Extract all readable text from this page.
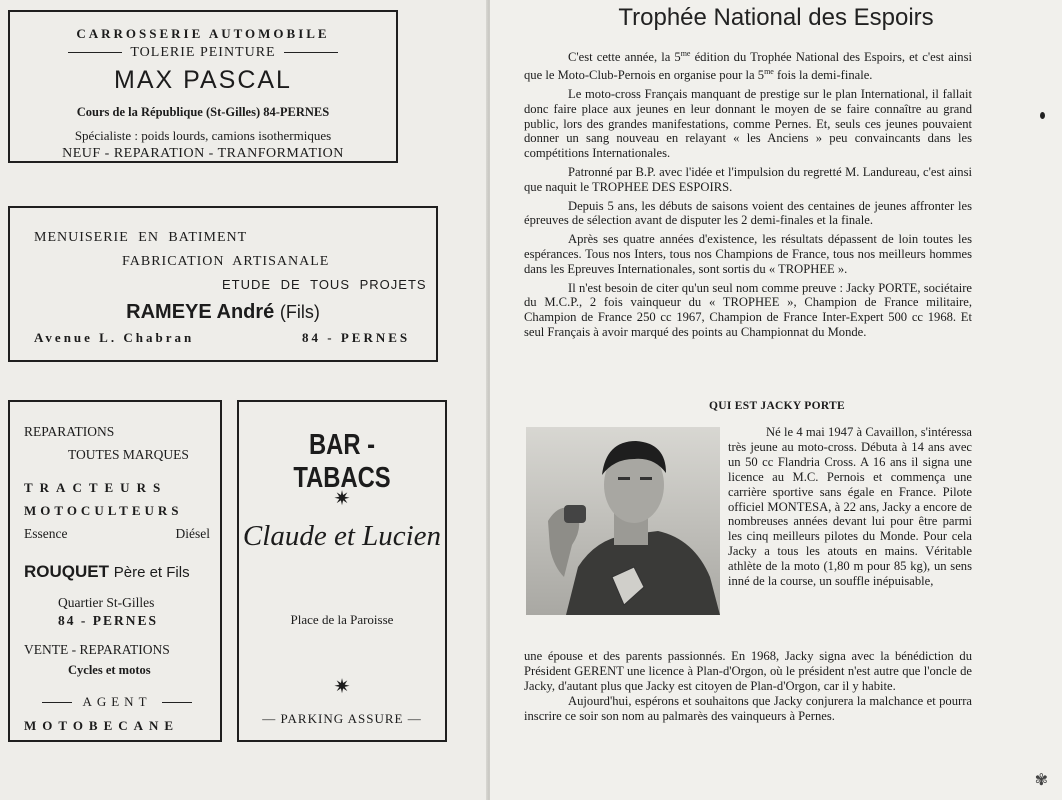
CARROSSERIE AUTOMOBILE
TOLERIE PEINTURE
MAX PASCAL
Cours de la République (St-Gilles) 84-PERNES
Spécialiste : poids lourds, camions isothermiques
NEUF - REPARATION - TRANFORMATION
MENUISERIE EN BATIMENT
FABRICATION ARTISANALE
ETUDE DE TOUS PROJETS
RAMEYE André (Fils)
Avenue L. Chabran	84 - PERNES
REPARATIONS
TOUTES MARQUES
TRACTEURS
MOTOCULTEURS
Essence	Diésel
ROUQUET Père et Fils
Quartier St-Gilles
84 - PERNES
VENTE - REPARATIONS
Cycles et motos
AGENT
MOTOBECANE
BAR - TABACS
✷
Claude et Lucien
Place de la Paroisse
✷
— PARKING ASSURE —
Trophée National des Espoirs

C'est cette année, la $5^{me}$ édition du Trophée National des Espoirs, et c'est ainsi que le Moto-Club-Pernois en organise pour la $5^{me}$ fois la demi-finale.

Le moto-cross Français manquant de prestige sur le plan International, il fallait donc faire place aux jeunes en leur donnant le moyen de se faire connaître au grand public, lors des grandes manifestations, comme Pernes. Et, seuls ces jeunes pouvaient donner un sang nouveau en relayant « les Anciens » peu convaincants dans les compétitions Internationales.

Patronné par B.P. avec l'idée et l'impulsion du regretté M. Landureau, c'est ainsi que naquit le TROPHEE DES ESPOIRS.

Depuis 5 ans, les débuts de saisons voient des centaines de jeunes affronter les épreuves de sélection avant de disputer les 2 demi-finales et la finale.

Après ses quatre années d'existence, les résultats dépassent de loin toutes les espérances. Tous nos Inters, tous nos Champions de France, tous nos meilleurs hommes dans les Epreuves Internationales, sont sortis du « TROPHEE ».

Il n'est besoin de citer qu'un seul nom comme preuve : Jacky PORTE, sociétaire du M.C.P., 2 fois vainqueur du « TROPHEE », Champion de France militaire, Champion de France 250 cc 1967, Champion de France Inter-Expert 500 cc 1968. Et seul Français à avoir marqué des points au Championnat du Monde.

QUI EST JACKY PORTE

Né le 4 mai 1947 à Cavaillon, s'intéressa très jeune au moto-cross. Débuta à 14 ans avec un 50 cc Flandria Cross. A 16 ans il signa une licence au M.C. Pernois et commença une carrière sportive sans égale en France. Pilote officiel MONTESA, à 22 ans, Jacky a encore de nombreuses années devant lui pour être parmi les cinq meilleurs pilotes du Monde. Pour cela Jacky a tous les atouts en mains. Véritable athlète de la moto (1,80 m pour 85 kg), un sens inné de la course, un souffle inépuisable,

une épouse et des parents passionnés. En 1968, Jacky signa avec la bénédiction du Président GERENT une licence à Plan-d'Orgon, où le président n'est autre que l'oncle de Jacky, d'autant plus que Jacky est citoyen de Plan-d'Orgon, car il y habite.

Aujourd'hui, espérons et souhaitons que Jacky conjurera la malchance et pourra inscrire ce soir son nom au palmarès des vainqueurs à Pernes.

✾
